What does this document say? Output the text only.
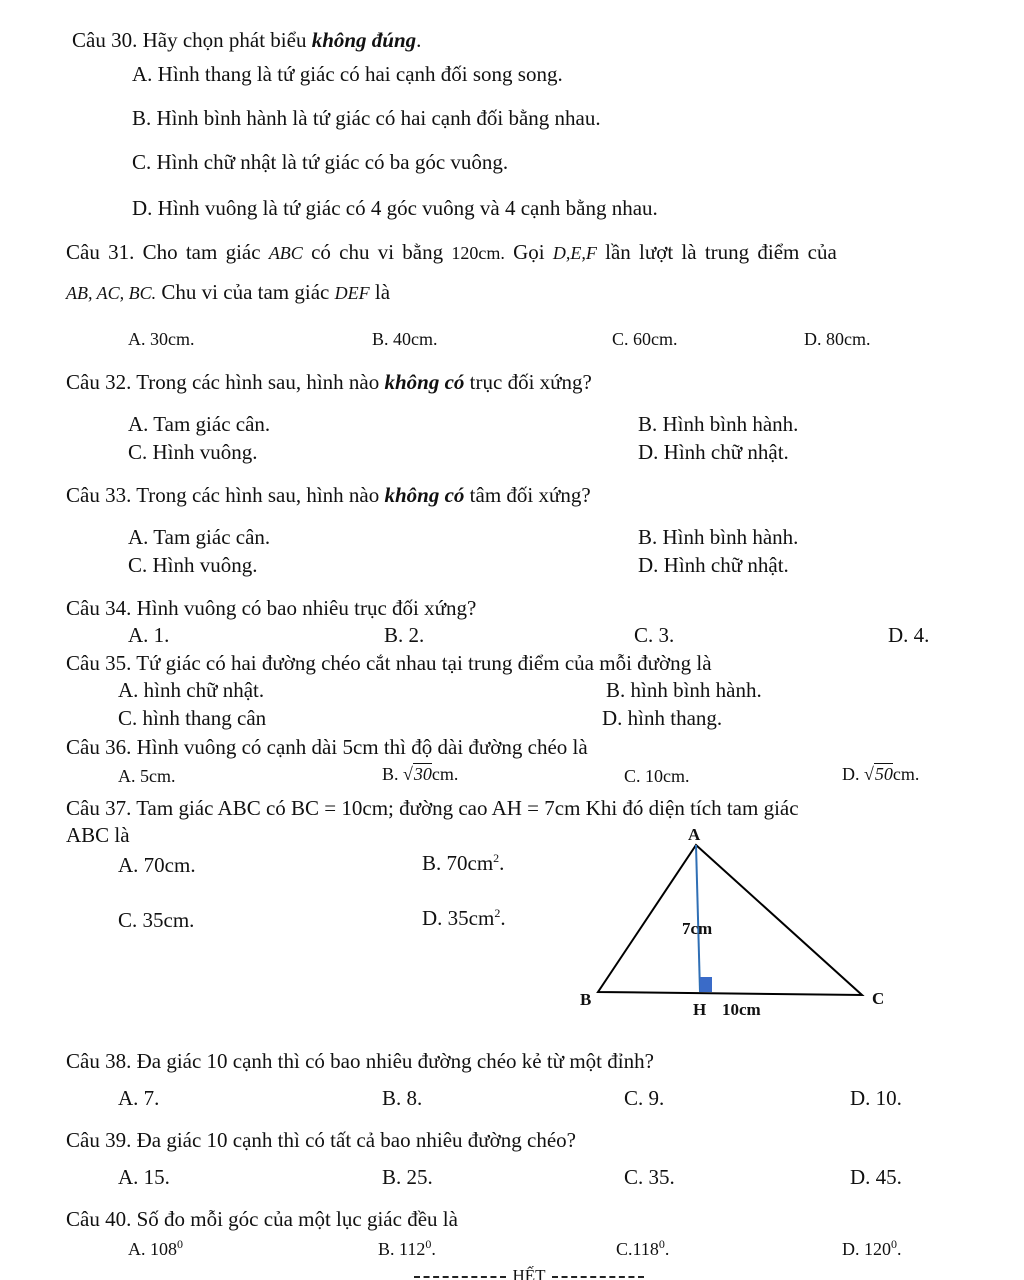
Câu 30. Hãy chọn phát biểu không đúng.
A. Hình thang là tứ giác có hai cạnh đối song song.
B. Hình bình hành là tứ giác có hai cạnh đối bằng nhau.
C. Hình chữ nhật là tứ giác có ba góc vuông.
D. Hình vuông là tứ giác có 4 góc vuông và 4 cạnh bằng nhau.
Câu 31. Cho tam giác ABC có chu vi bằng 120cm. Gọi D,E,F lần lượt là trung điểm của
AB, AC, BC. Chu vi của tam giác DEF là
A. 30cm.	B. 40cm.	C. 60cm.	D. 80cm.
Câu 32. Trong các hình sau, hình nào không có trục đối xứng?
A. Tam giác cân.	B. Hình bình hành.
C. Hình vuông.	D. Hình chữ nhật.
Câu 33. Trong các hình sau, hình nào không có tâm đối xứng?
A. Tam giác cân.	B. Hình bình hành.
C. Hình vuông.	D. Hình chữ nhật.
Câu 34. Hình vuông có bao nhiêu trục đối xứng?
A. 1.	B. 2.	C. 3.	D. 4.
Câu 35. Tứ giác có hai đường chéo cắt nhau tại trung điểm của mỗi đường là
A. hình chữ nhật.	B. hình bình hành.
C. hình thang cân	D. hình thang.
Câu 36. Hình vuông có cạnh dài 5cm thì độ dài đường chéo là
A. 5cm.	B. √30cm.	C. 10cm.	D. √50cm.
Câu 37. Tam giác ABC có BC = 10cm; đường cao AH = 7cm Khi đó diện tích tam giác
ABC là
A. 70cm.	B. $70cm^2$.
C. 35cm.	D. $35cm^2$.
A
B	C
H
7cm
10cm
Câu 38. Đa giác 10 cạnh thì có bao nhiêu đường chéo kẻ từ một đỉnh?
A. 7.	B. 8.	C. 9.	D. 10.
Câu 39. Đa giác 10 cạnh thì có tất cả bao nhiêu đường chéo?
A. 15.	B. 25.	C. 35.	D. 45.
Câu 40. Số đo mỗi góc của một lục giác đều là
A. $108^0$	B. $112^0$.	C.118$^0$.	D. $120^0$.
HẾT
